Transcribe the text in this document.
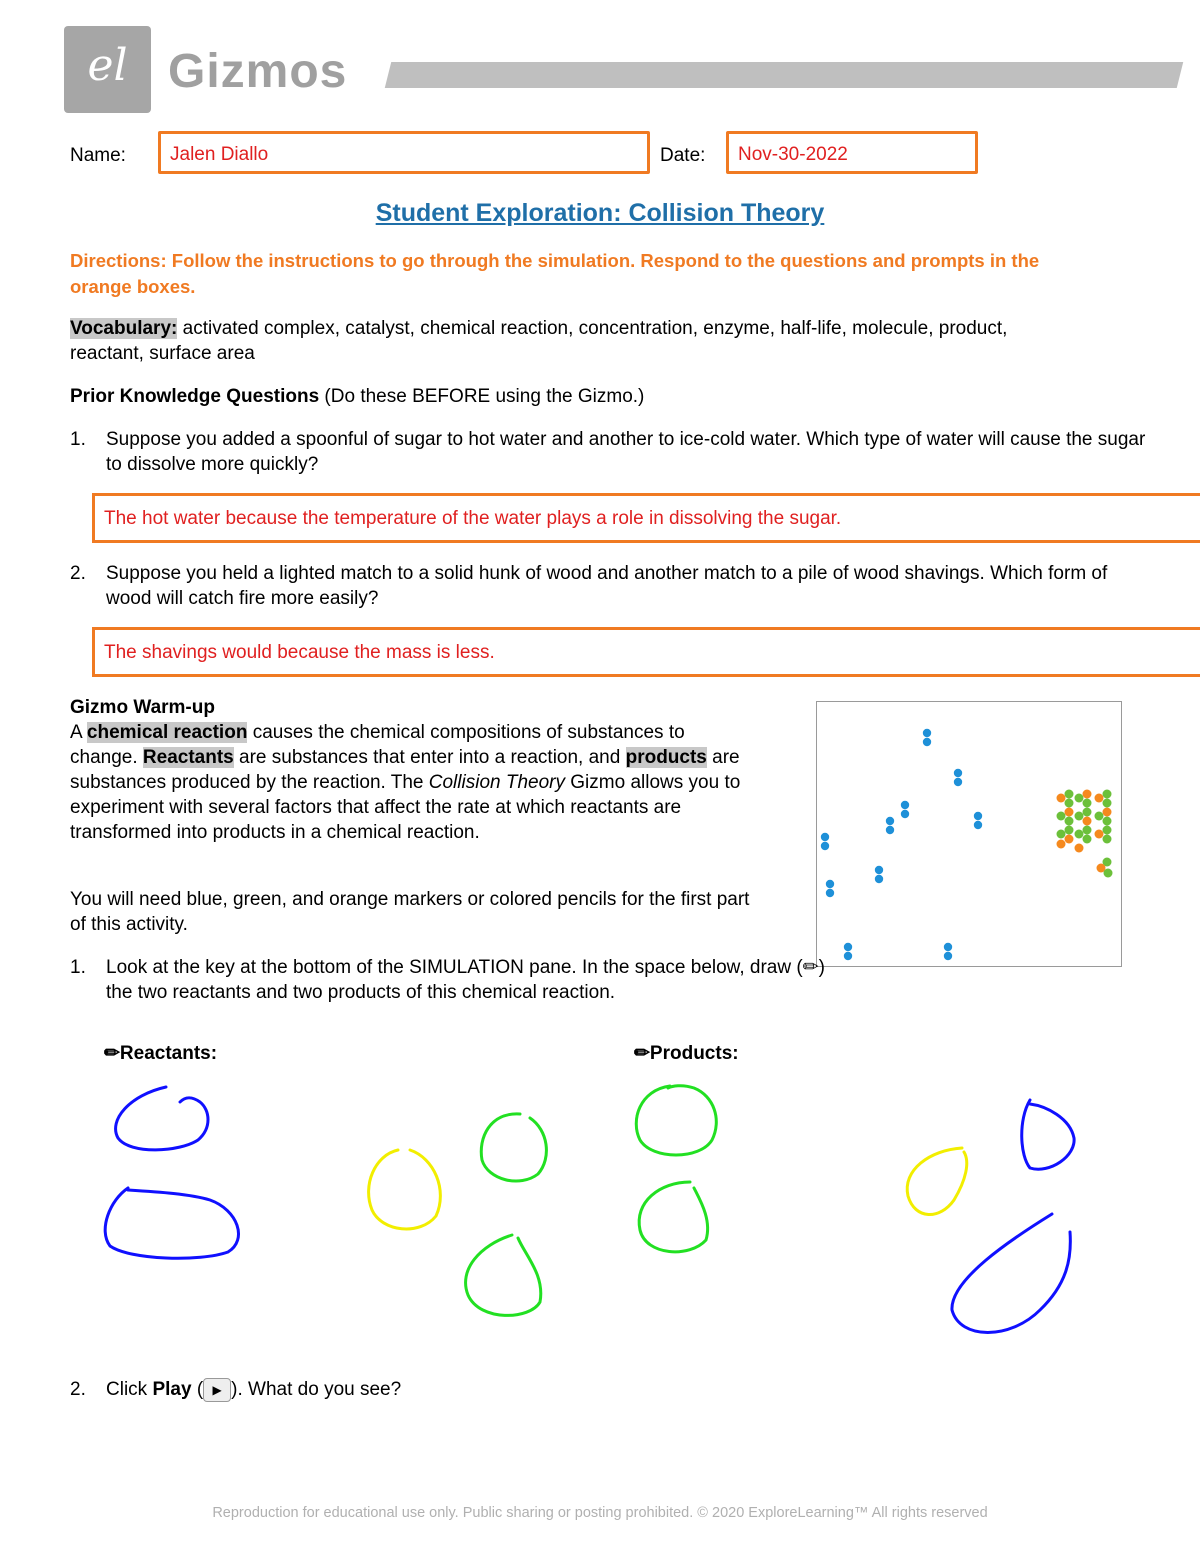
el Gizmos
Name:	Jalen Diallo	Date:	Nov-30-2022
Student Exploration: Collision Theory
Directions: Follow the instructions to go through the simulation. Respond to the questions and prompts in the orange boxes.
Vocabulary: activated complex, catalyst, chemical reaction, concentration, enzyme, half-life, molecule, product, reactant, surface area
Prior Knowledge Questions (Do these BEFORE using the Gizmo.)
1.	Suppose you added a spoonful of sugar to hot water and another to ice-cold water. Which type of water will cause the sugar to dissolve more quickly?
The hot water because the temperature of the water plays a role in dissolving the sugar.
2.	Suppose you held a lighted match to a solid hunk of wood and another match to a pile of wood shavings. Which form of wood will catch fire more easily?
The shavings would because the mass is less.
Gizmo Warm-up
A chemical reaction causes the chemical compositions of substances to change. Reactants are substances that enter into a reaction, and products are substances produced by the reaction. The Collision Theory Gizmo allows you to experiment with several factors that affect the rate at which reactants are transformed into products in a chemical reaction.
You will need blue, green, and orange markers or colored pencils for the first part of this activity.
1.	Look at the key at the bottom of the SIMULATION pane. In the space below, draw (✏) the two reactants and two products of this chemical reaction.
✏Reactants:	✏Products:
2.	Click Play ( ▶ ). What do you see?
Reproduction for educational use only. Public sharing or posting prohibited. © 2020 ExploreLearning™ All rights reserved
